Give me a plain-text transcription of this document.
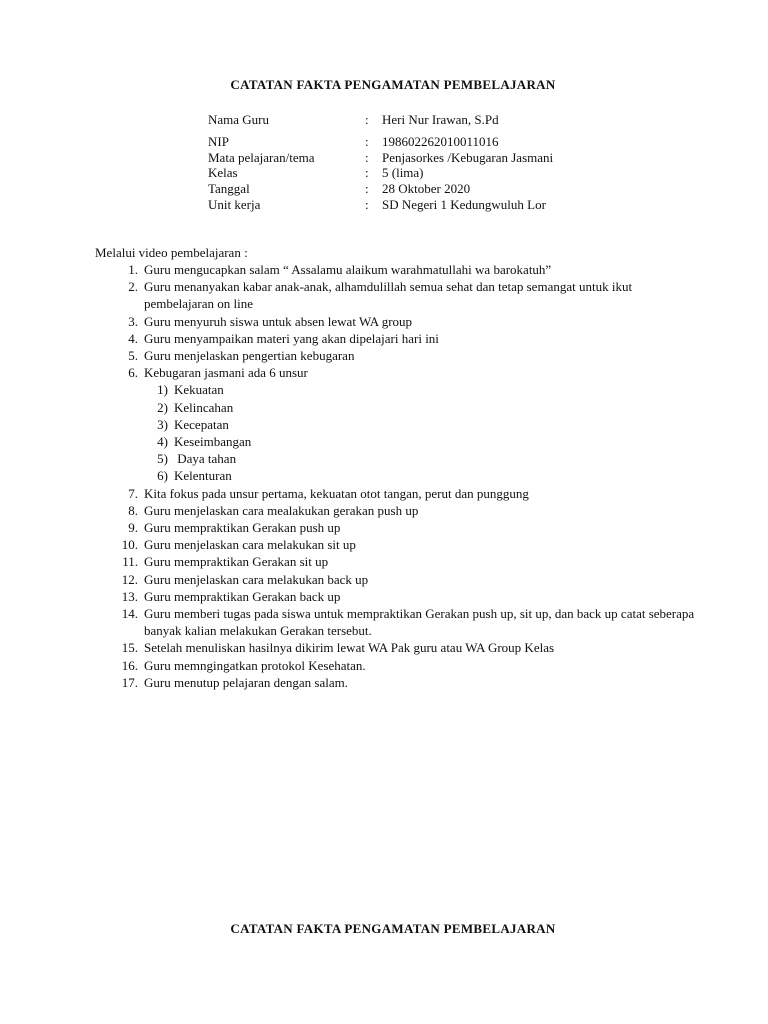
CATATAN FAKTA PENGAMATAN PEMBELAJARAN
Nama Guru	:	Heri Nur Irawan, S.Pd
NIP	:	198602262010011016
Mata pelajaran/tema	:	Penjasorkes /Kebugaran Jasmani
Kelas	:	5 (lima)
Tanggal	:	28 Oktober 2020
Unit kerja	:	SD Negeri 1 Kedungwuluh Lor
Melalui video pembelajaran :
1. Guru mengucapkan salam “ Assalamu alaikum warahmatullahi wa barokatuh”
2. Guru menanyakan kabar anak-anak, alhamdulillah semua sehat dan tetap semangat untuk ikut pembelajaran on line
3. Guru menyuruh siswa untuk absen lewat WA group
4. Guru menyampaikan materi yang akan dipelajari hari ini
5. Guru menjelaskan pengertian kebugaran
6. Kebugaran jasmani ada 6 unsur
1) Kekuatan
2) Kelincahan
3) Kecepatan
4) Keseimbangan
5) Daya tahan
6) Kelenturan
7. Kita fokus pada unsur pertama, kekuatan otot tangan, perut dan punggung
8. Guru menjelaskan cara mealakukan gerakan push up
9. Guru mempraktikan Gerakan push up
10. Guru menjelaskan cara melakukan sit up
11. Guru mempraktikan Gerakan sit up
12. Guru menjelaskan cara melakukan back up
13. Guru mempraktikan Gerakan back up
14. Guru memberi tugas pada siswa untuk mempraktikan Gerakan push up, sit up, dan back up catat seberapa banyak kalian melakukan Gerakan tersebut.
15. Setelah menuliskan hasilnya dikirim lewat WA Pak guru atau WA Group Kelas
16. Guru memngingatkan protokol Kesehatan.
17. Guru menutup pelajaran dengan salam.
CATATAN FAKTA PENGAMATAN PEMBELAJARAN
